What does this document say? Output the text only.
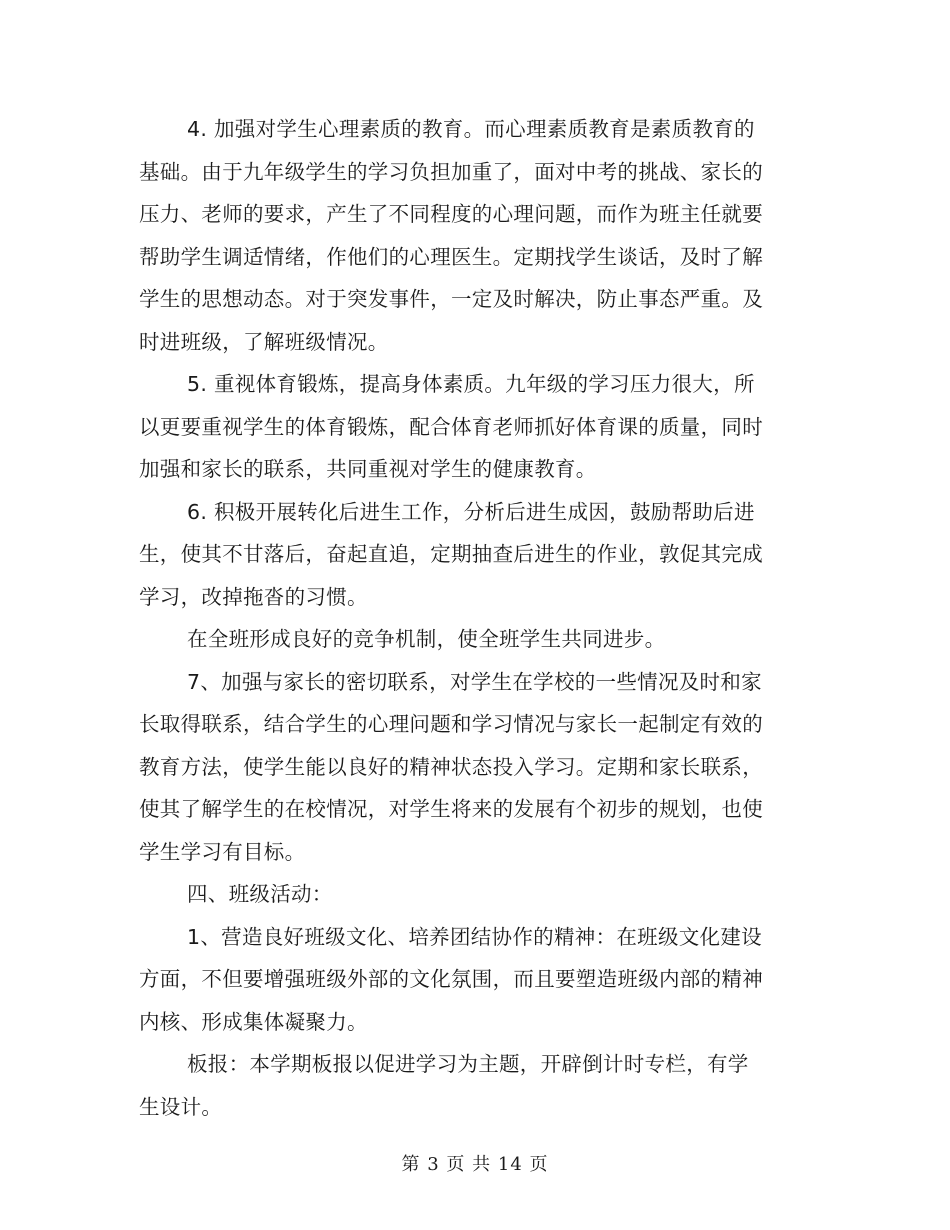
4. 加强对学生心理素质的教育。而心理素质教育是素质教育的基础。由于九年级学生的学习负担加重了，面对中考的挑战、家长的压力、老师的要求，产生了不同程度的心理问题，而作为班主任就要帮助学生调适情绪，作他们的心理医生。定期找学生谈话，及时了解学生的思想动态。对于突发事件，一定及时解决，防止事态严重。及时进班级，了解班级情况。

5. 重视体育锻炼，提高身体素质。九年级的学习压力很大，所以更要重视学生的体育锻炼，配合体育老师抓好体育课的质量，同时加强和家长的联系，共同重视对学生的健康教育。

6. 积极开展转化后进生工作，分析后进生成因，鼓励帮助后进生，使其不甘落后，奋起直追，定期抽查后进生的作业，敦促其完成学习，改掉拖沓的习惯。

在全班形成良好的竞争机制，使全班学生共同进步。

7、加强与家长的密切联系，对学生在学校的一些情况及时和家长取得联系，结合学生的心理问题和学习情况与家长一起制定有效的教育方法，使学生能以良好的精神状态投入学习。定期和家长联系，使其了解学生的在校情况，对学生将来的发展有个初步的规划，也使学生学习有目标。

四、班级活动：

1、营造良好班级文化、培养团结协作的精神：在班级文化建设方面，不但要增强班级外部的文化氛围，而且要塑造班级内部的精神内核、形成集体凝聚力。

板报：本学期板报以促进学习为主题，开辟倒计时专栏，有学生设计。

第 3 页 共 14 页
